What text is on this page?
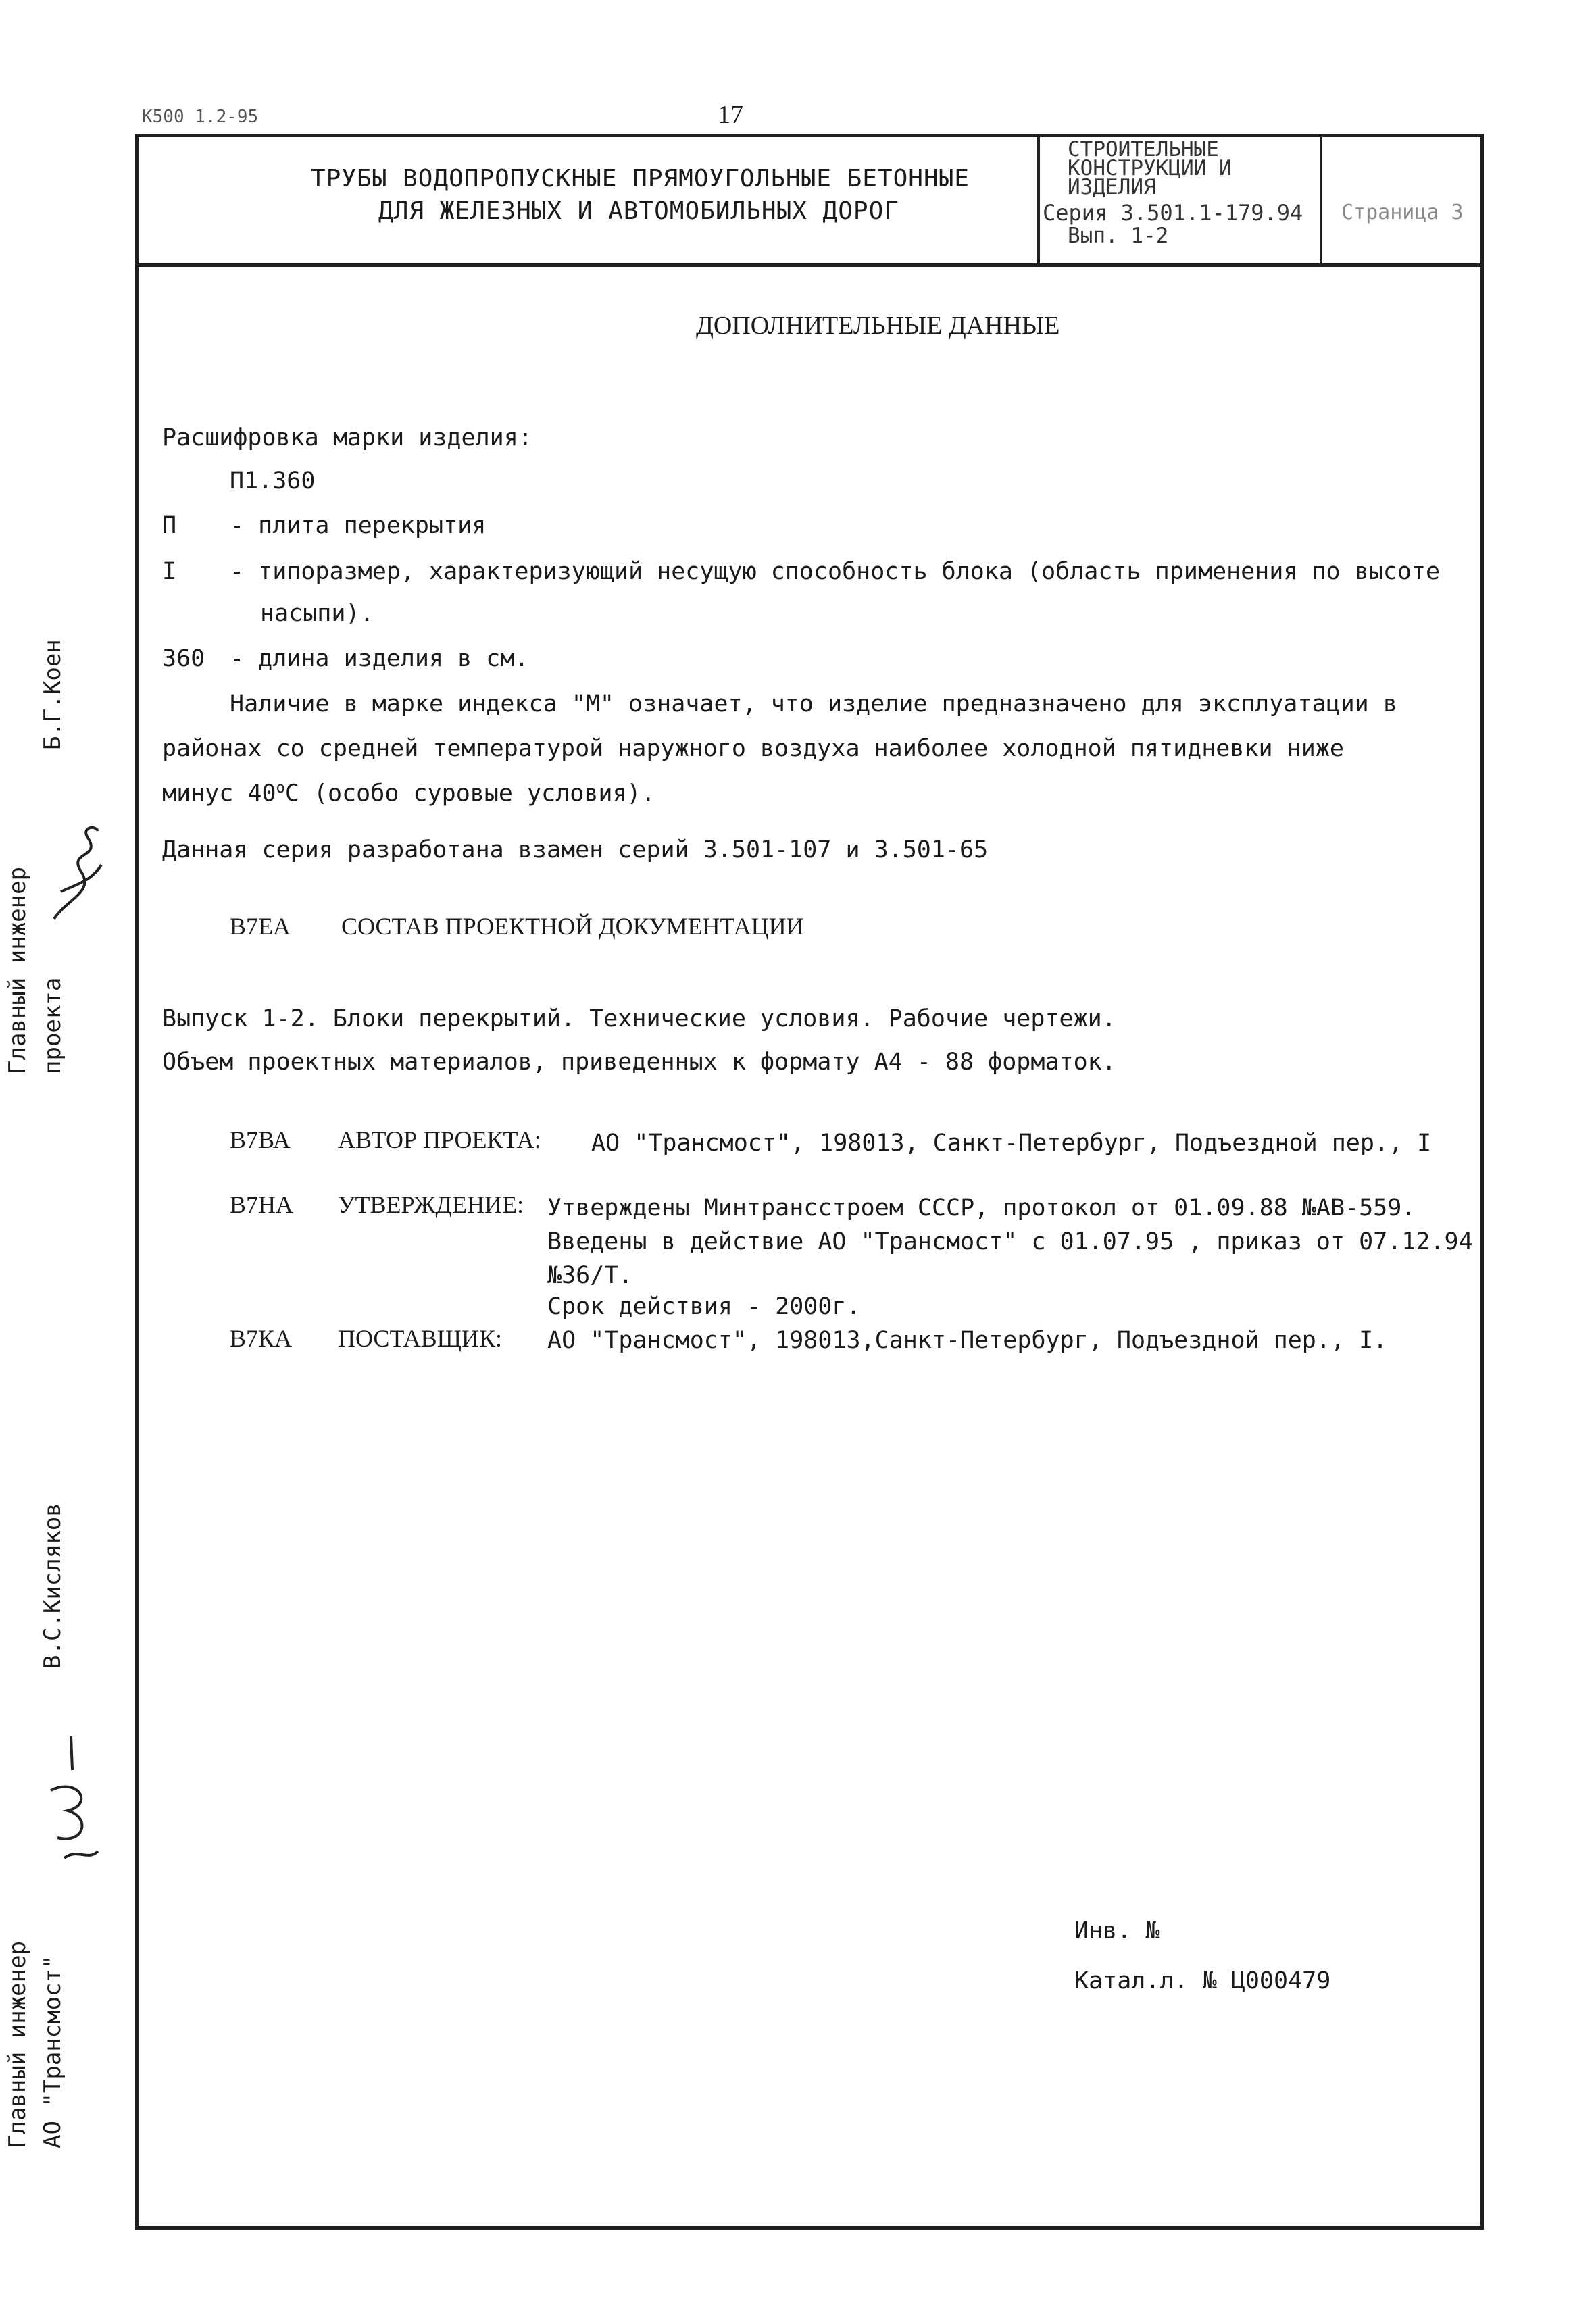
К500 1.2-95	17
ТРУБЫ ВОДОПРОПУСКНЫЕ ПРЯМОУГОЛЬНЫЕ БЕТОННЫЕ
ДЛЯ ЖЕЛЕЗНЫХ И АВТОМОБИЛЬНЫХ ДОРОГ
СТРОИТЕЛЬНЫЕ
КОНСТРУКЦИИ И
ИЗДЕЛИЯ
Серия 3.501.1-179.94
Вып. 1-2
Страница 3
ДОПОЛНИТЕЛЬНЫЕ ДАННЫЕ
Расшифровка марки изделия:
П1.360
П - плита перекрытия
I - типоразмер, характеризующий несущую способность блока (область применения по высоте
насыпи).
360 - длина изделия в см.
Наличие в марке индекса "М" означает, что изделие предназначено для эксплуатации в
районах со средней температурой наружного воздуха наиболее холодной пятидневки ниже
минус $40^оС$ (особо суровые условия).
Данная серия разработана взамен серий 3.501-107 и 3.501-65
В7ЕА СОСТАВ ПРОЕКТНОЙ ДОКУМЕНТАЦИИ
Выпуск 1-2. Блоки перекрытий. Технические условия. Рабочие чертежи.
Объем проектных материалов, приведенных к формату А4 - 88 форматок.
В7ВА АВТОР ПРОЕКТА: АО "Трансмост", 198013, Санкт-Петербург, Подъездной пер., I
В7НА УТВЕРЖДЕНИЕ: Утверждены Минтрансстроем СССР, протокол от 01.09.88 №АВ-559.
Введены в действие АО "Трансмост" с 01.07.95 , приказ от 07.12.94
№36/Т.
Срок действия - 2000г.
В7КА ПОСТАВЩИК: АО "Трансмост", 198013,Санкт-Петербург, Подъездной пер., I.
Инв. №
Катал.л. № Ц000479
Главный инженер проекта
Б.Г.Коен
В.С.Кисляков
Главный инженер АО "Трансмост"
